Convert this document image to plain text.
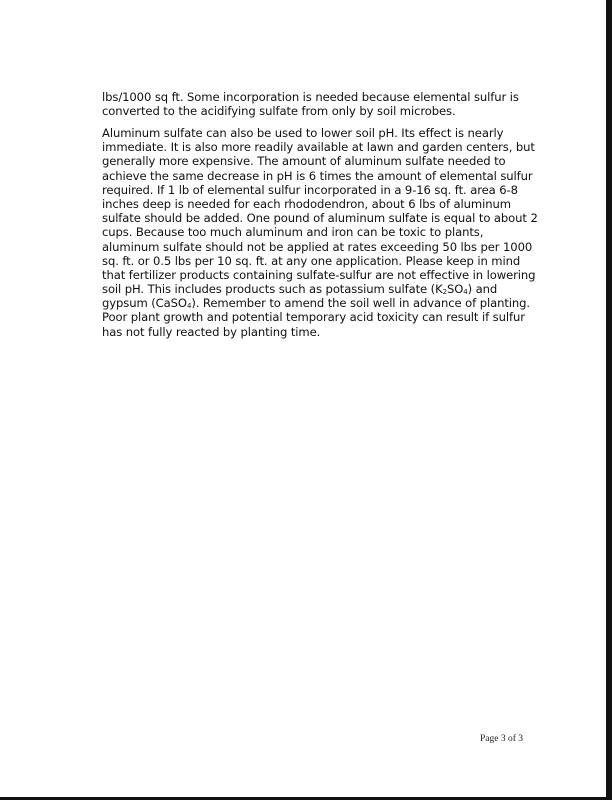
lbs/1000 sq ft. Some incorporation is needed because elemental sulfur is
converted to the acidifying sulfate from only by soil microbes.
Aluminum sulfate can also be used to lower soil pH. Its effect is nearly
immediate. It is also more readily available at lawn and garden centers, but
generally more expensive. The amount of aluminum sulfate needed to
achieve the same decrease in pH is 6 times the amount of elemental sulfur
required. If 1 lb of elemental sulfur incorporated in a 9-16 sq. ft. area 6-8
inches deep is needed for each rhododendron, about 6 lbs of aluminum
sulfate should be added. One pound of aluminum sulfate is equal to about 2
cups. Because too much aluminum and iron can be toxic to plants,
aluminum sulfate should not be applied at rates exceeding 50 lbs per 1000
sq. ft. or 0.5 lbs per 10 sq. ft. at any one application. Please keep in mind
that fertilizer products containing sulfate-sulfur are not effective in lowering
soil pH. This includes products such as potassium sulfate $(K_2SO_4)$ and
gypsum (CaSO$_4$). Remember to amend the soil well in advance of planting.
Poor plant growth and potential temporary acid toxicity can result if sulfur
has not fully reacted by planting time.
Page 3 of 3
